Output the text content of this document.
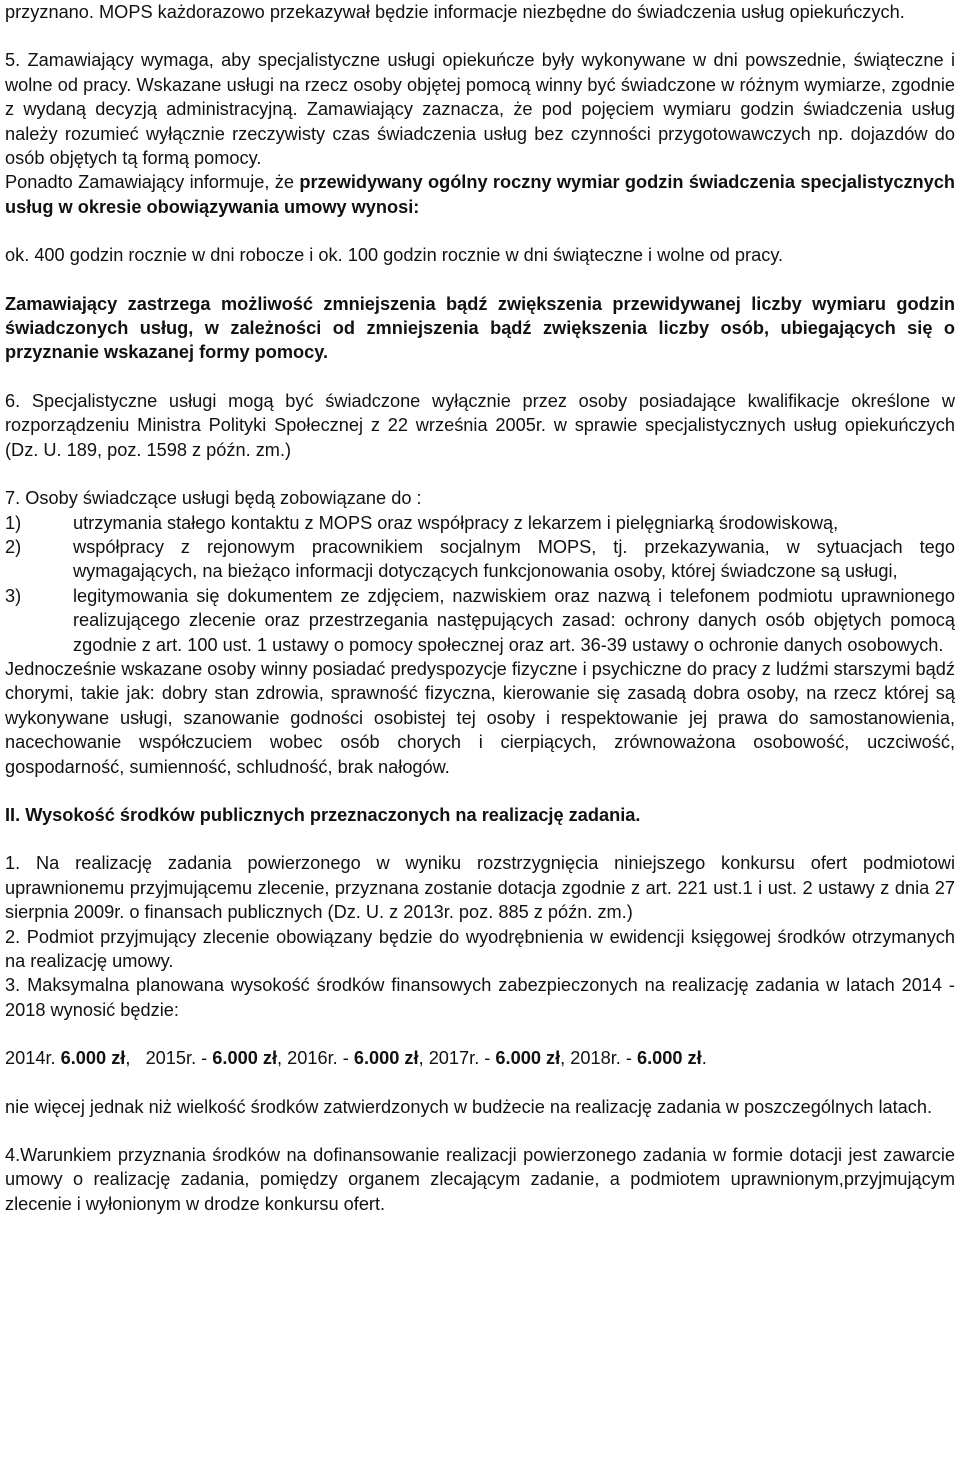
przyznano. MOPS każdorazowo przekazywał będzie informacje niezbędne do świadczenia usług opiekuńczych.

5. Zamawiający wymaga, aby specjalistyczne usługi opiekuńcze były wykonywane w dni powszednie, świąteczne i wolne od pracy. Wskazane usługi na rzecz osoby objętej pomocą winny być świadczone w różnym wymiarze, zgodnie z wydaną decyzją administracyjną. Zamawiający zaznacza, że pod pojęciem wymiaru godzin świadczenia usług należy rozumieć wyłącznie rzeczywisty czas świadczenia usług bez czynności przygotowawczych np. dojazdów do osób objętych tą formą pomocy.

Ponadto Zamawiający informuje, że przewidywany ogólny roczny wymiar godzin świadczenia specjalistycznych usług w okresie obowiązywania umowy wynosi:

ok. 400 godzin rocznie w dni robocze i ok. 100 godzin rocznie w dni świąteczne i wolne od pracy.

Zamawiający zastrzega możliwość zmniejszenia bądź zwiększenia przewidywanej liczby wymiaru godzin świadczonych usług, w zależności od zmniejszenia bądź zwiększenia liczby osób, ubiegających się o przyznanie wskazanej formy pomocy.

6. Specjalistyczne usługi mogą być świadczone wyłącznie przez osoby posiadające kwalifikacje określone w rozporządzeniu Ministra Polityki Społecznej z 22 września 2005r. w sprawie specjalistycznych usług opiekuńczych (Dz. U. 189, poz. 1598 z późn. zm.)

7. Osoby świadczące usługi będą zobowiązane do :

1)	utrzymania stałego kontaktu z MOPS oraz współpracy z lekarzem i pielęgniarką środowiskową,
2)	współpracy z rejonowym pracownikiem socjalnym MOPS, tj. przekazywania, w sytuacjach tego wymagających, na bieżąco informacji dotyczących funkcjonowania osoby, której świadczone są usługi,
3)	legitymowania się dokumentem ze zdjęciem, nazwiskiem oraz nazwą i telefonem podmiotu uprawnionego realizującego zlecenie oraz przestrzegania następujących zasad: ochrony danych osób objętych pomocą zgodnie z art. 100 ust. 1 ustawy o pomocy społecznej oraz art. 36-39 ustawy o ochronie danych osobowych.

Jednocześnie wskazane osoby winny posiadać predyspozycje fizyczne i psychiczne do pracy z ludźmi starszymi bądź chorymi, takie jak: dobry stan zdrowia, sprawność fizyczna, kierowanie się zasadą dobra osoby, na rzecz której są wykonywane usługi, szanowanie godności osobistej tej osoby i respektowanie jej prawa do samostanowienia, nacechowanie współczuciem wobec osób chorych i cierpiących, zrównoważona osobowość, uczciwość, gospodarność, sumienność, schludność, brak nałogów.

II. Wysokość środków publicznych przeznaczonych na realizację zadania.

1. Na realizację zadania powierzonego w wyniku rozstrzygnięcia niniejszego konkursu ofert podmiotowi uprawnionemu przyjmującemu zlecenie, przyznana zostanie dotacja zgodnie z art. 221 ust.1 i ust. 2 ustawy z dnia 27 sierpnia 2009r. o finansach publicznych (Dz. U. z 2013r. poz. 885 z późn. zm.)

2. Podmiot przyjmujący zlecenie obowiązany będzie do wyodrębnienia w ewidencji księgowej środków otrzymanych na realizację umowy.

3. Maksymalna planowana wysokość środków finansowych zabezpieczonych na realizację zadania w latach 2014 - 2018 wynosić będzie:

2014r. 6.000 zł,   2015r. - 6.000 zł, 2016r. - 6.000 zł, 2017r. - 6.000 zł, 2018r. - 6.000 zł.

nie więcej jednak niż wielkość środków zatwierdzonych w budżecie na realizację zadania w poszczególnych latach.

4.Warunkiem przyznania środków na dofinansowanie realizacji powierzonego zadania w formie dotacji jest zawarcie umowy o realizację zadania, pomiędzy organem zlecającym zadanie, a podmiotem uprawnionym,przyjmującym zlecenie i wyłonionym w drodze konkursu ofert.
